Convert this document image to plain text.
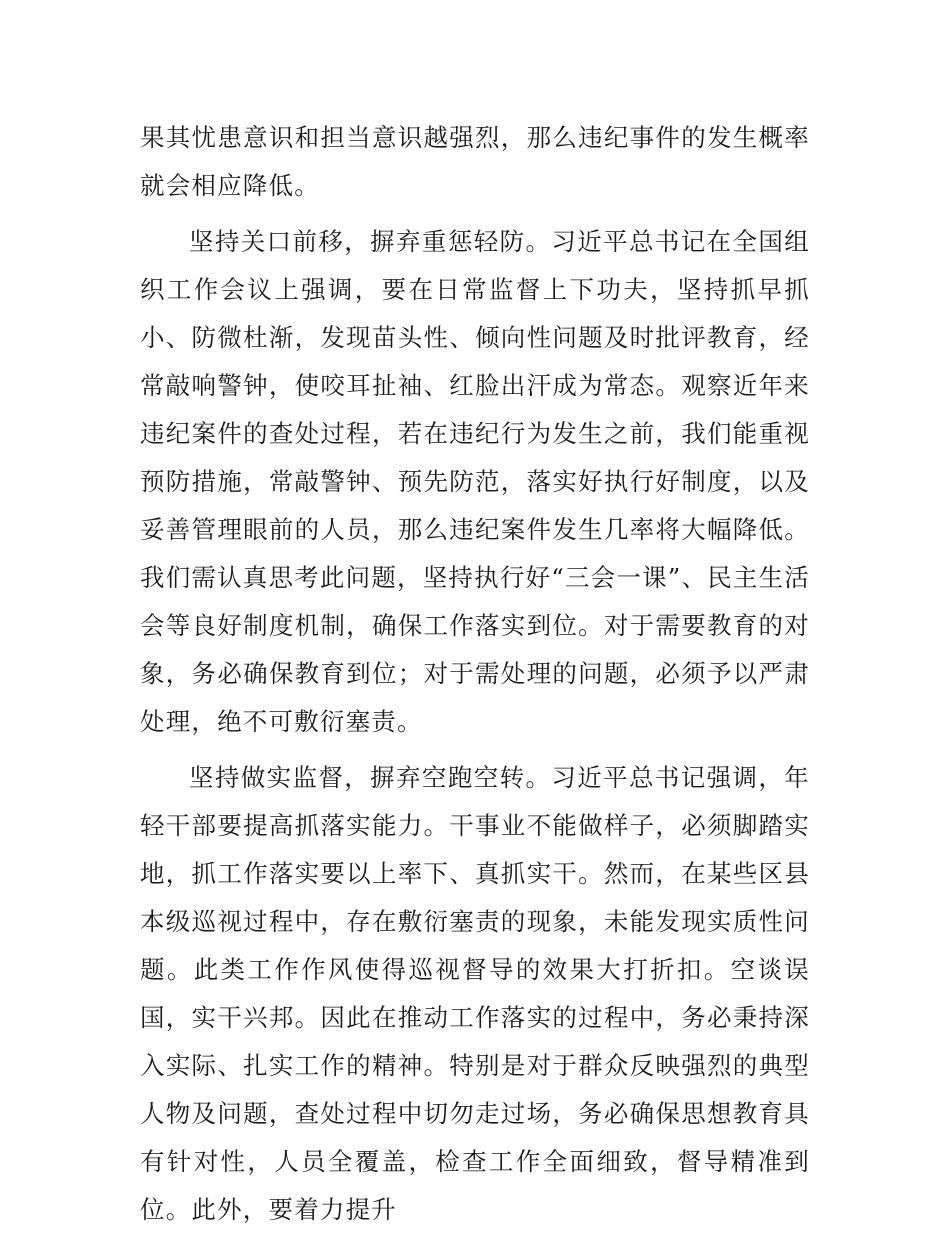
果其忧患意识和担当意识越强烈，那么违纪事件的发生概率就会相应降低。

坚持关口前移，摒弃重惩轻防。习近平总书记在全国组织工作会议上强调，要在日常监督上下功夫，坚持抓早抓小、防微杜渐，发现苗头性、倾向性问题及时批评教育，经常敲响警钟，使咬耳扯袖、红脸出汗成为常态。观察近年来违纪案件的查处过程，若在违纪行为发生之前，我们能重视预防措施，常敲警钟、预先防范，落实好执行好制度，以及妥善管理眼前的人员，那么违纪案件发生几率将大幅降低。我们需认真思考此问题，坚持执行好“三会一课”、民主生活会等良好制度机制，确保工作落实到位。对于需要教育的对象，务必确保教育到位；对于需处理的问题，必须予以严肃处理，绝不可敷衍塞责。

坚持做实监督，摒弃空跑空转。习近平总书记强调，年轻干部要提高抓落实能力。干事业不能做样子，必须脚踏实地，抓工作落实要以上率下、真抓实干。然而，在某些区县本级巡视过程中，存在敷衍塞责的现象，未能发现实质性问题。此类工作作风使得巡视督导的效果大打折扣。空谈误国，实干兴邦。因此在推动工作落实的过程中，务必秉持深入实际、扎实工作的精神。特别是对于群众反映强烈的典型人物及问题，查处过程中切勿走过场，务必确保思想教育具有针对性，人员全覆盖，检查工作全面细致，督导精准到位。此外，要着力提升
